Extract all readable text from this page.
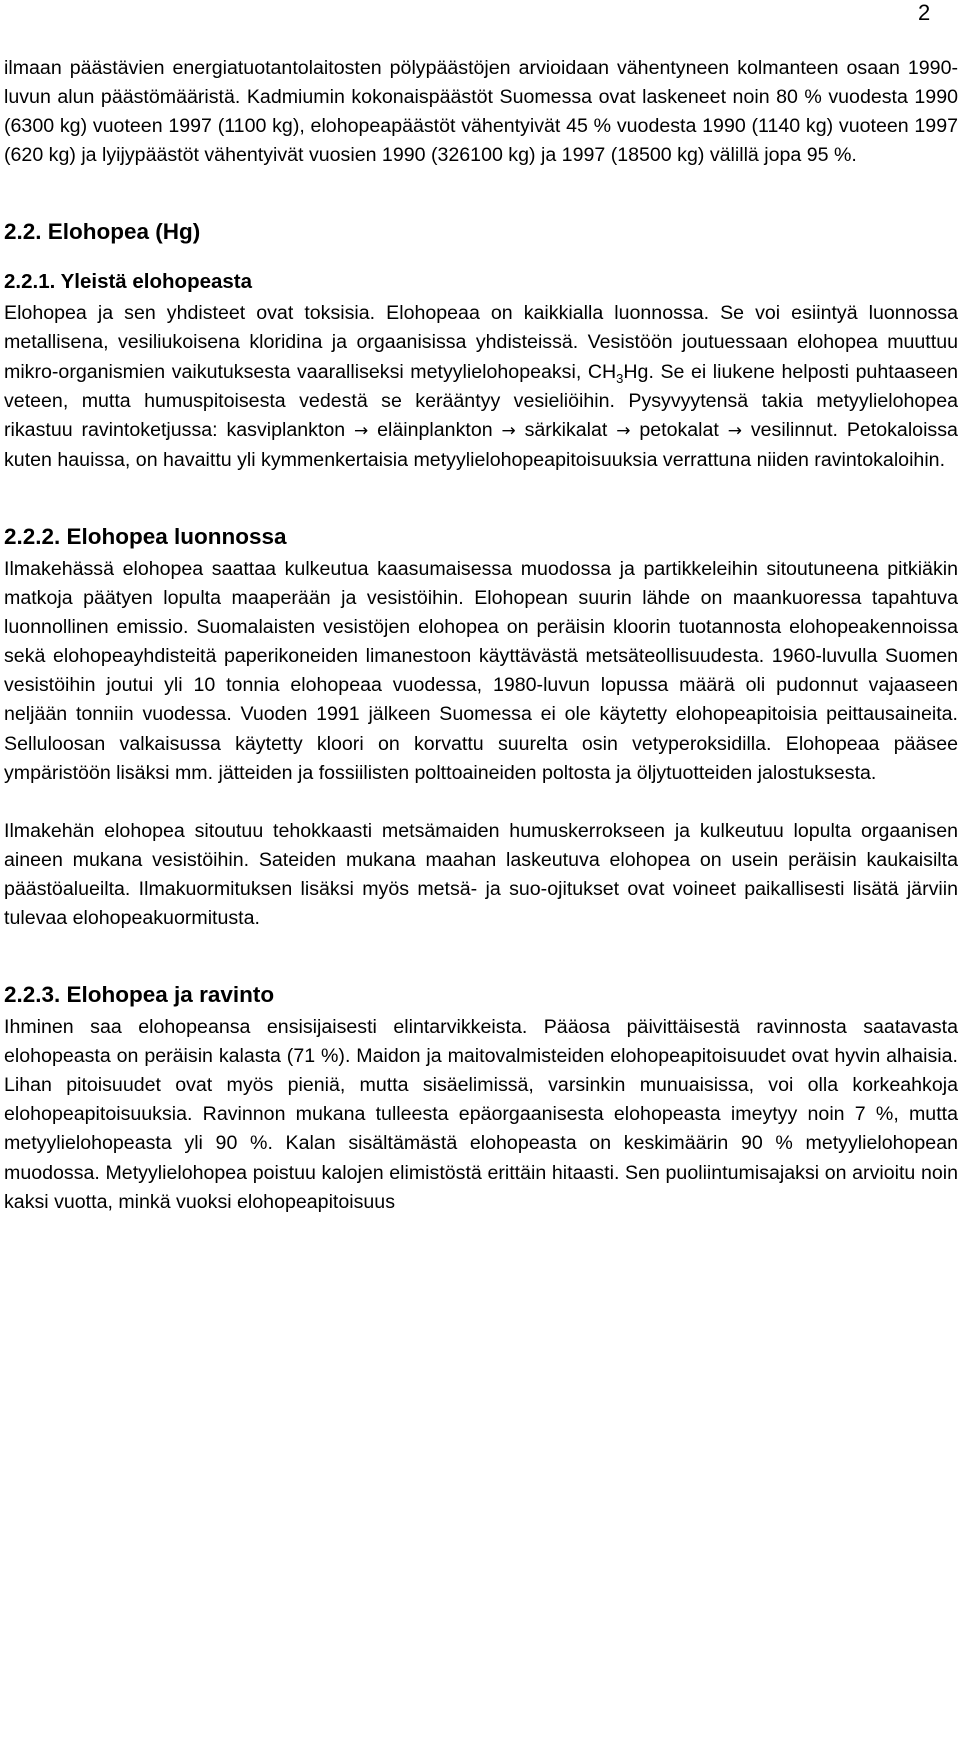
2

ilmaan päästävien energiatuotantolaitosten pölypäästöjen arvioidaan vähentyneen kolmanteen osaan 1990-luvun alun päästömääristä. Kadmiumin kokonaispäästöt Suomessa ovat laskeneet noin 80 % vuodesta 1990 (6300 kg) vuoteen 1997 (1100 kg), elohopeapäästöt vähentyivät 45 % vuodesta 1990 (1140 kg) vuoteen 1997 (620 kg) ja lyijypäästöt vähentyivät vuosien 1990 (326100 kg) ja 1997 (18500 kg) välillä jopa 95 %.

2.2. Elohopea (Hg)
2.2.1. Yleistä elohopeasta

Elohopea ja sen yhdisteet ovat toksisia. Elohopeaa on kaikkialla luonnossa. Se voi esiintyä luonnossa metallisena, vesiliukoisena kloridina ja orgaanisissa yhdisteissä. Vesistöön joutuessaan elohopea muuttuu mikro-organismien vaikutuksesta vaaralliseksi metyylielohopeaksi, $CH_3Hg$. Se ei liukene helposti puhtaaseen veteen, mutta humuspitoisesta vedestä se kerääntyy vesieliöihin. Pysyvyytensä takia metyylielohopea rikastuu ravintoketjussa: kasviplankton → eläinplankton → särkikalat → petokalat → vesilinnut. Petokaloissa kuten hauissa, on havaittu yli kymmenkertaisia metyylielohopeapitoisuuksia verrattuna niiden ravintokaloihin.

2.2.2. Elohopea luonnossa

Ilmakehässä elohopea saattaa kulkeutua kaasumaisessa muodossa ja partikkeleihin sitoutuneena pitkiäkin matkoja päätyen lopulta maaperään ja vesistöihin. Elohopean suurin lähde on maankuoressa tapahtuva luonnollinen emissio. Suomalaisten vesistöjen elohopea on peräisin kloorin tuotannosta elohopeakennoissa sekä elohopeayhdisteitä paperikoneiden limanestoon käyttävästä metsäteollisuudesta. 1960-luvulla Suomen vesistöihin joutui yli 10 tonnia elohopeaa vuodessa, 1980-luvun lopussa määrä oli pudonnut vajaaseen neljään tonniin vuodessa. Vuoden 1991 jälkeen Suomessa ei ole käytetty elohopeapitoisia peittausaineita. Selluloosan valkaisussa käytetty kloori on korvattu suurelta osin vetyperoksidilla. Elohopeaa pääsee ympäristöön lisäksi mm. jätteiden ja fossiilisten polttoaineiden poltosta ja öljytuotteiden jalostuksesta.

Ilmakehän elohopea sitoutuu tehokkaasti metsämaiden humuskerrokseen ja kulkeutuu lopulta orgaanisen aineen mukana vesistöihin. Sateiden mukana maahan laskeutuva elohopea on usein peräisin kaukaisilta päästöalueilta. Ilmakuormituksen lisäksi myös metsä- ja suo-ojitukset ovat voineet paikallisesti lisätä järviin tulevaa elohopeakuormitusta.

2.2.3. Elohopea ja ravinto

Ihminen saa elohopeansa ensisijaisesti elintarvikkeista. Pääosa päivittäisestä ravinnosta saatavasta elohopeasta on peräisin kalasta (71 %). Maidon ja maitovalmisteiden elohopeapitoisuudet ovat hyvin alhaisia. Lihan pitoisuudet ovat myös pieniä, mutta sisäelimissä, varsinkin munuaisissa, voi olla korkeahkoja elohopeapitoisuuksia. Ravinnon mukana tulleesta epäorgaanisesta elohopeasta imeytyy noin 7 %, mutta metyylielohopeasta yli 90 %. Kalan sisältämästä elohopeasta on keskimäärin 90 % metyylielohopean muodossa. Metyylielohopea poistuu kalojen elimistöstä erittäin hitaasti. Sen puoliintumisajaksi on arvioitu noin kaksi vuotta, minkä vuoksi elohopeapitoisuus
